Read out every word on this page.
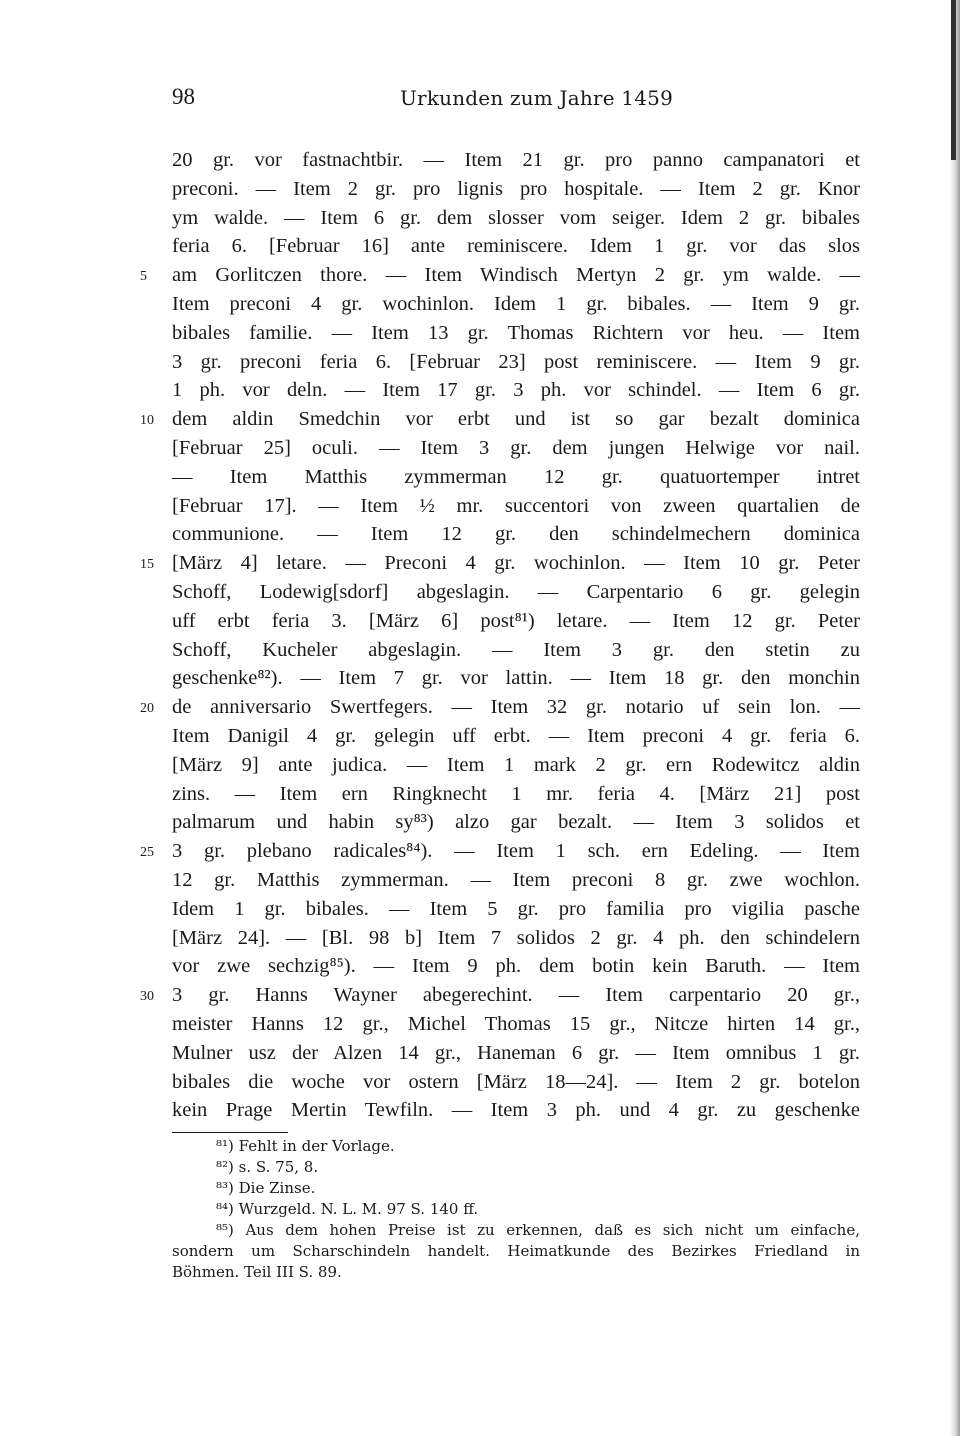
98	Urkunden zum Jahre 1459
20 gr. vor fastnachtbir. — Item 21 gr. pro panno campanatori et
preconi. — Item 2 gr. pro lignis pro hospitale. — Item 2 gr. Knor
ym walde. — Item 6 gr. dem slosser vom seiger. Idem 2 gr. bibales
feria 6. [Februar 16] ante reminiscere. Idem 1 gr. vor das slos
5	am Gorlitczen thore. — Item Windisch Mertyn 2 gr. ym walde. —
Item preconi 4 gr. wochinlon. Idem 1 gr. bibales. — Item 9 gr.
bibales familie. — Item 13 gr. Thomas Richtern vor heu. — Item
3 gr. preconi feria 6. [Februar 23] post reminiscere. — Item 9 gr.
1 ph. vor deln. — Item 17 gr. 3 ph. vor schindel. — Item 6 gr.
10 dem aldin Smedchin vor erbt und ist so gar bezalt dominica
[Februar 25] oculi. — Item 3 gr. dem jungen Helwige vor nail.
— Item Matthis zymmerman 12 gr. quatuortemper intret
[Februar 17]. — Item ½ mr. succentori von zween quartalien de
communione. — Item 12 gr. den schindelmechern dominica
15 [März 4] letare. — Preconi 4 gr. wochinlon. — Item 10 gr. Peter
Schoff, Lodewig[sdorf] abgeslagin. — Carpentario 6 gr. gelegin
uff erbt feria 3. [März 6] post⁸¹) letare. — Item 12 gr. Peter
Schoff, Kucheler abgeslagin. — Item 3 gr. den stetin zu
geschenke⁸²). — Item 7 gr. vor lattin. — Item 18 gr. den monchin
20 de anniversario Swertfegers. — Item 32 gr. notario uf sein lon. —
Item Danigil 4 gr. gelegin uff erbt. — Item preconi 4 gr. feria 6.
[März 9] ante judica. — Item 1 mark 2 gr. ern Rodewitcz aldin
zins. — Item ern Ringknecht 1 mr. feria 4. [März 21] post
palmarum und habin sy⁸³) alzo gar bezalt. — Item 3 solidos et
25 3 gr. plebano radicales⁸⁴). — Item 1 sch. ern Edeling. — Item
12 gr. Matthis zymmerman. — Item preconi 8 gr. zwe wochlon.
Idem 1 gr. bibales. — Item 5 gr. pro familia pro vigilia pasche
[März 24]. — [Bl. 98 b] Item 7 solidos 2 gr. 4 ph. den schindelern
vor zwe sechzig⁸⁵). — Item 9 ph. dem botin kein Baruth. — Item
30 3 gr. Hanns Wayner abegerechint. — Item carpentario 20 gr.,
meister Hanns 12 gr., Michel Thomas 15 gr., Nitcze hirten 14 gr.,
Mulner usz der Alzen 14 gr., Haneman 6 gr. — Item omnibus 1 gr.
bibales die woche vor ostern [März 18—24]. — Item 2 gr. botelon
kein Prage Mertin Tewfiln. — Item 3 ph. und 4 gr. zu geschenke
⁸¹) Fehlt in der Vorlage.
⁸²) s. S. 75, 8.
⁸³) Die Zinse.
⁸⁴) Wurzgeld. N. L. M. 97 S. 140 ff.
⁸⁵) Aus dem hohen Preise ist zu erkennen, daß es sich nicht um einfache,
sondern um Scharschindeln handelt. Heimatkunde des Bezirkes Friedland in
Böhmen. Teil III S. 89.
